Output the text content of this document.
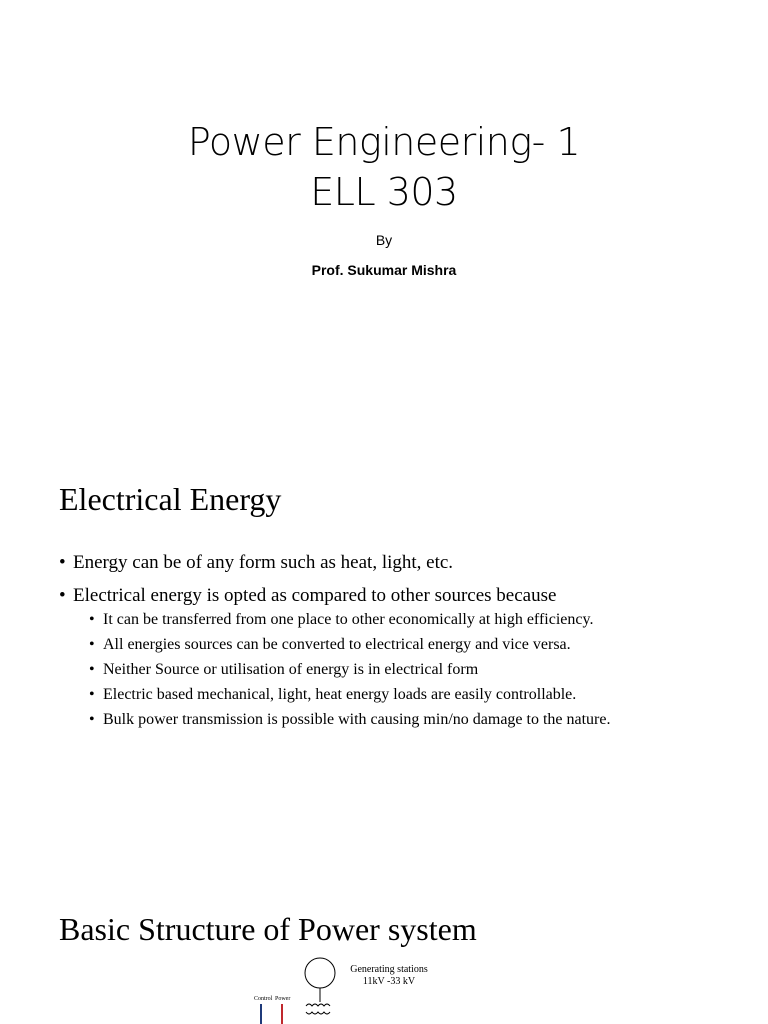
Power Engineering- 1
ELL 303
By
Prof. Sukumar Mishra
Electrical Energy
• Energy can be of any form such as heat, light, etc.
• Electrical energy is opted as compared to other sources because
• It can be transferred from one place to other economically at high efficiency.
• All energies sources can be converted to electrical energy and vice versa.
• Neither Source or utilisation of energy is in electrical form
• Electric based mechanical, light, heat energy loads are easily controllable.
• Bulk power transmission is possible with causing min/no damage to the nature.
Basic Structure of Power system
Generating stations
11kV -33 kV
Control Power
